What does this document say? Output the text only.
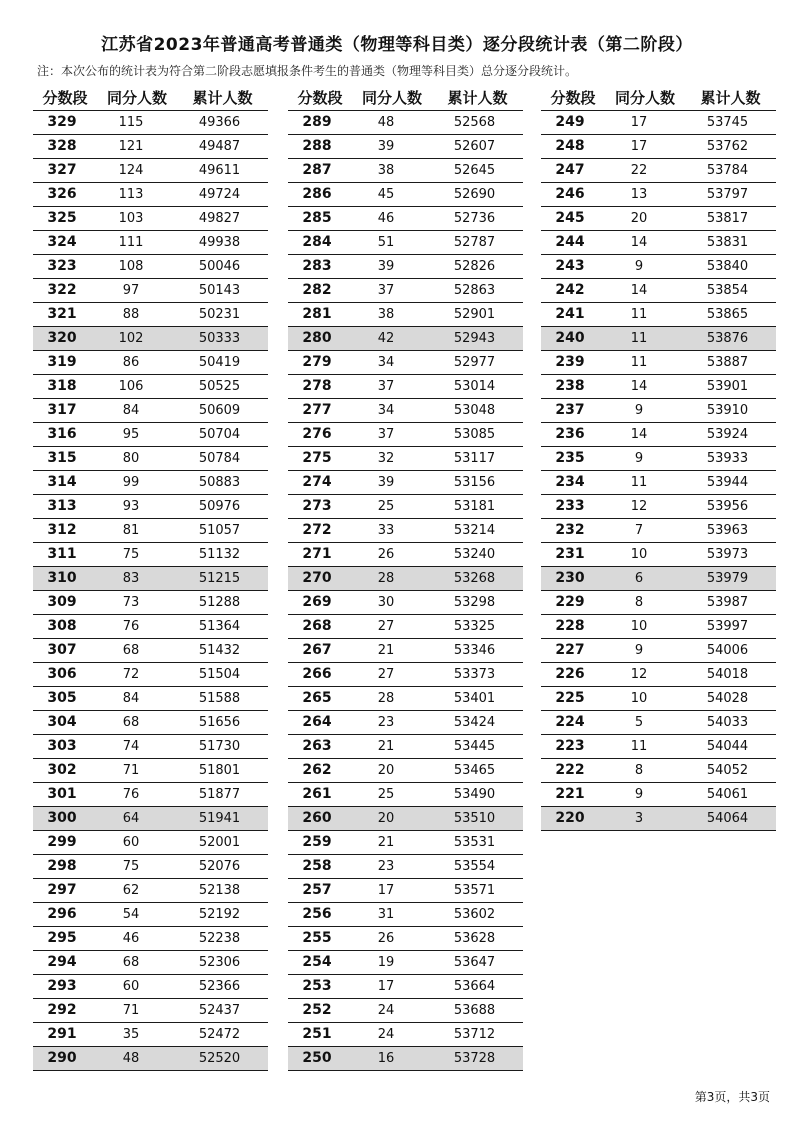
江苏省2023年普通高考普通类（物理等科目类）逐分段统计表（第二阶段）
注：本次公布的统计表为符合第二阶段志愿填报条件考生的普通类（物理等科目类）总分逐分段统计。
分数段	同分人数	累计人数
329	115	49366
328	121	49487
327	124	49611
326	113	49724
325	103	49827
324	111	49938
323	108	50046
322	97	50143
321	88	50231
320	102	50333
319	86	50419
318	106	50525
317	84	50609
316	95	50704
315	80	50784
314	99	50883
313	93	50976
312	81	51057
311	75	51132
310	83	51215
309	73	51288
308	76	51364
307	68	51432
306	72	51504
305	84	51588
304	68	51656
303	74	51730
302	71	51801
301	76	51877
300	64	51941
299	60	52001
298	75	52076
297	62	52138
296	54	52192
295	46	52238
294	68	52306
293	60	52366
292	71	52437
291	35	52472
290	48	52520
分数段	同分人数	累计人数
289	48	52568
288	39	52607
287	38	52645
286	45	52690
285	46	52736
284	51	52787
283	39	52826
282	37	52863
281	38	52901
280	42	52943
279	34	52977
278	37	53014
277	34	53048
276	37	53085
275	32	53117
274	39	53156
273	25	53181
272	33	53214
271	26	53240
270	28	53268
269	30	53298
268	27	53325
267	21	53346
266	27	53373
265	28	53401
264	23	53424
263	21	53445
262	20	53465
261	25	53490
260	20	53510
259	21	53531
258	23	53554
257	17	53571
256	31	53602
255	26	53628
254	19	53647
253	17	53664
252	24	53688
251	24	53712
250	16	53728
分数段	同分人数	累计人数
249	17	53745
248	17	53762
247	22	53784
246	13	53797
245	20	53817
244	14	53831
243	9	53840
242	14	53854
241	11	53865
240	11	53876
239	11	53887
238	14	53901
237	9	53910
236	14	53924
235	9	53933
234	11	53944
233	12	53956
232	7	53963
231	10	53973
230	6	53979
229	8	53987
228	10	53997
227	9	54006
226	12	54018
225	10	54028
224	5	54033
223	11	54044
222	8	54052
221	9	54061
220	3	54064
第3页，共3页
